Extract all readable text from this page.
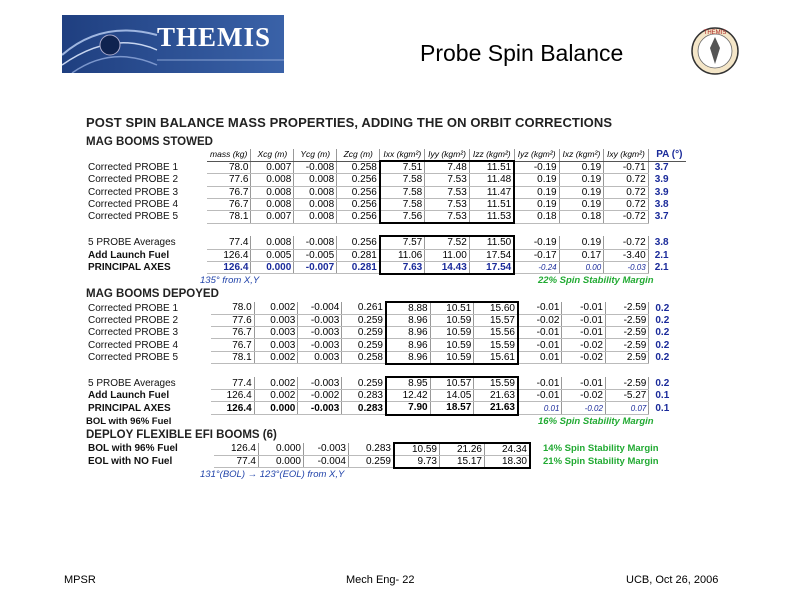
THEMIS
Probe Spin Balance
THEMIS
POST SPIN BALANCE MASS PROPERTIES, ADDING THE ON ORBIT CORRECTIONS
MAG BOOMS STOWED
	mass (kg)	Xcg (m)	Ycg (m)	Zcg (m)	Ixx (kgm²)	Iyy (kgm²)	Izz (kgm²)	Iyz (kgm²)	Ixz (kgm²)	Ixy (kgm²)	PA (°)
Corrected PROBE 1	78.0	0.007	-0.008	0.258	7.51	7.48	11.51	-0.19	0.19	-0.71	3.7
Corrected PROBE 2	77.6	0.008	0.008	0.256	7.58	7.53	11.48	0.19	0.19	0.72	3.9
Corrected PROBE 3	76.7	0.008	0.008	0.256	7.58	7.53	11.47	0.19	0.19	0.72	3.9
Corrected PROBE 4	76.7	0.008	0.008	0.256	7.58	7.53	11.51	0.19	0.19	0.72	3.8
Corrected PROBE 5	78.1	0.007	0.008	0.256	7.56	7.53	11.53	0.18	0.18	-0.72	3.7

5 PROBE Averages	77.4	0.008	-0.008	0.256	7.57	7.52	11.50	-0.19	0.19	-0.72	3.8
Add Launch Fuel	126.4	0.005	-0.005	0.281	11.06	11.00	17.54	-0.17	0.17	-3.40	2.1
PRINCIPAL AXES	126.4	0.000	-0.007	0.281	7.63	14.43	17.54	-0.24	0.00	-0.03	2.1
135° from X,Y	22% Spin Stability Margin
MAG BOOMS DEPOYED
Corrected PROBE 1	78.0	0.002	-0.004	0.261	8.88	10.51	15.60	-0.01	-0.01	-2.59	0.2
Corrected PROBE 2	77.6	0.003	-0.003	0.259	8.96	10.59	15.57	-0.02	-0.01	-2.59	0.2
Corrected PROBE 3	76.7	0.003	-0.003	0.259	8.96	10.59	15.56	-0.01	-0.01	-2.59	0.2
Corrected PROBE 4	76.7	0.003	-0.003	0.259	8.96	10.59	15.59	-0.01	-0.02	-2.59	0.2
Corrected PROBE 5	78.1	0.002	0.003	0.258	8.96	10.59	15.61	0.01	-0.02	2.59	0.2

5 PROBE Averages	77.4	0.002	-0.003	0.259	8.95	10.57	15.59	-0.01	-0.01	-2.59	0.2
Add Launch Fuel	126.4	0.002	-0.002	0.283	12.42	14.05	21.63	-0.01	-0.02	-5.27	0.1
PRINCIPAL AXES	126.4	0.000	-0.003	0.283	7.90	18.57	21.63	0.01	-0.02	0.07	0.1
BOL with 96% Fuel	16% Spin Stability Margin
DEPLOY FLEXIBLE EFI BOOMS (6)
BOL with 96% Fuel	126.4	0.000	-0.003	0.283	10.59	21.26	24.34	14% Spin Stability Margin
EOL with NO Fuel	77.4	0.000	-0.004	0.259	9.73	15.17	18.30	21% Spin Stability Margin
131°(BOL) → 123°(EOL) from X,Y
MPSR	Mech Eng- 22	UCB, Oct 26, 2006
